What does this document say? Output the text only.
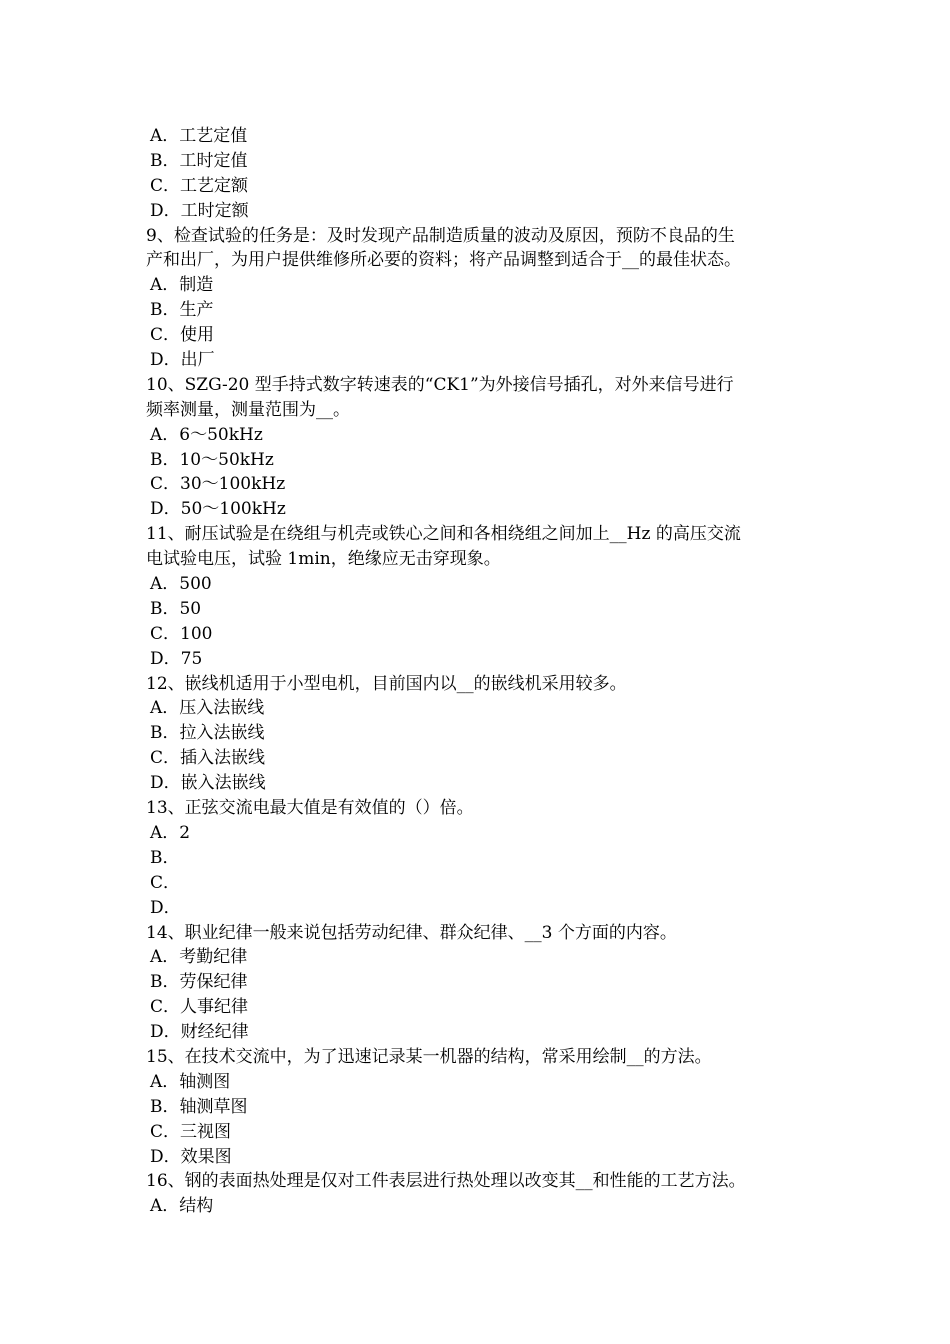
A．工艺定值
B．工时定值
C．工艺定额
D．工时定额
9、检查试验的任务是：及时发现产品制造质量的波动及原因，预防不良品的生
产和出厂，为用户提供维修所必要的资料；将产品调整到适合于__的最佳状态。
A．制造
B．生产
C．使用
D．出厂
10、SZG-20 型手持式数字转速表的“CK1”为外接信号插孔，对外来信号进行
频率测量，测量范围为__。
A．6～50kHz
B．10～50kHz
C．30～100kHz
D．50～100kHz
11、耐压试验是在绕组与机壳或铁心之间和各相绕组之间加上__Hz 的高压交流
电试验电压，试验 1min，绝缘应无击穿现象。
A．500
B．50
C．100
D．75
12、嵌线机适用于小型电机，目前国内以__的嵌线机采用较多。
A．压入法嵌线
B．拉入法嵌线
C．插入法嵌线
D．嵌入法嵌线
13、正弦交流电最大值是有效值的（）倍。
A．2
B．
C．
D．
14、职业纪律一般来说包括劳动纪律、群众纪律、__3 个方面的内容。
A．考勤纪律
B．劳保纪律
C．人事纪律
D．财经纪律
15、在技术交流中，为了迅速记录某一机器的结构，常采用绘制__的方法。
A．轴测图
B．轴测草图
C．三视图
D．效果图
16、钢的表面热处理是仅对工件表层进行热处理以改变其__和性能的工艺方法。
A．结构
